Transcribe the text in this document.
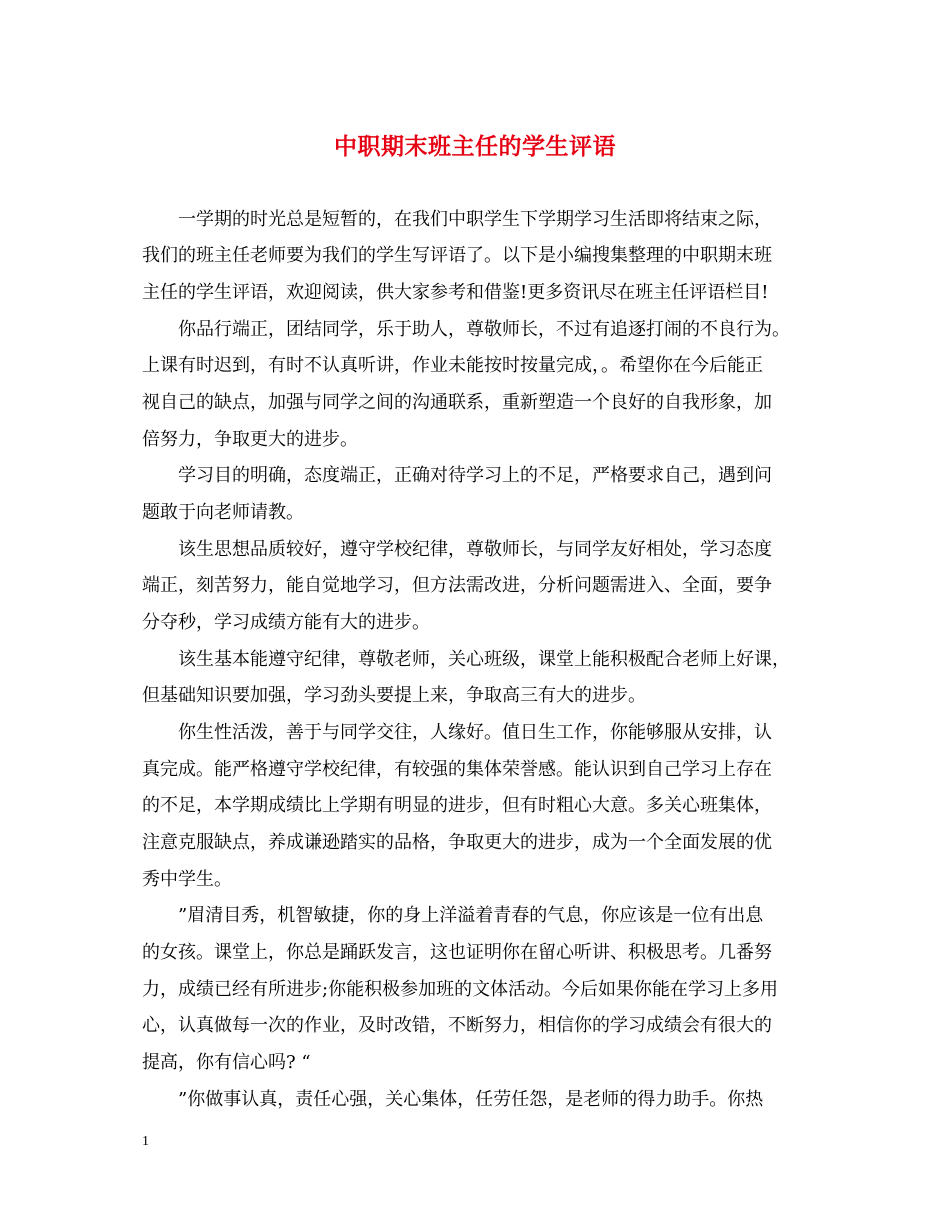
中职期末班主任的学生评语
一学期的时光总是短暂的，在我们中职学生下学期学习生活即将结束之际，
我们的班主任老师要为我们的学生写评语了。以下是小编搜集整理的中职期末班
主任的学生评语，欢迎阅读，供大家参考和借鉴!更多资讯尽在班主任评语栏目!
你品行端正，团结同学，乐于助人，尊敬师长，不过有追逐打闹的不良行为。
上课有时迟到，有时不认真听讲，作业未能按时按量完成，。希望你在今后能正
视自己的缺点，加强与同学之间的沟通联系，重新塑造一个良好的自我形象，加
倍努力，争取更大的进步。
学习目的明确，态度端正，正确对待学习上的不足，严格要求自己，遇到问
题敢于向老师请教。
该生思想品质较好，遵守学校纪律，尊敬师长，与同学友好相处，学习态度
端正，刻苦努力，能自觉地学习，但方法需改进，分析问题需进入、全面，要争
分夺秒，学习成绩方能有大的进步。
该生基本能遵守纪律，尊敬老师，关心班级，课堂上能积极配合老师上好课，
但基础知识要加强，学习劲头要提上来，争取高三有大的进步。
你生性活泼，善于与同学交往，人缘好。值日生工作，你能够服从安排，认
真完成。能严格遵守学校纪律，有较强的集体荣誉感。能认识到自己学习上存在
的不足，本学期成绩比上学期有明显的进步，但有时粗心大意。多关心班集体，
注意克服缺点，养成谦逊踏实的品格，争取更大的进步，成为一个全面发展的优
秀中学生。
”眉清目秀，机智敏捷，你的身上洋溢着青春的气息，你应该是一位有出息
的女孩。课堂上，你总是踊跃发言，这也证明你在留心听讲、积极思考。几番努
力，成绩已经有所进步;你能积极参加班的文体活动。今后如果你能在学习上多用
心，认真做每一次的作业，及时改错，不断努力，相信你的学习成绩会有很大的
提高，你有信心吗? “
”你做事认真，责任心强，关心集体，任劳任怨，是老师的得力助手。你热
1
